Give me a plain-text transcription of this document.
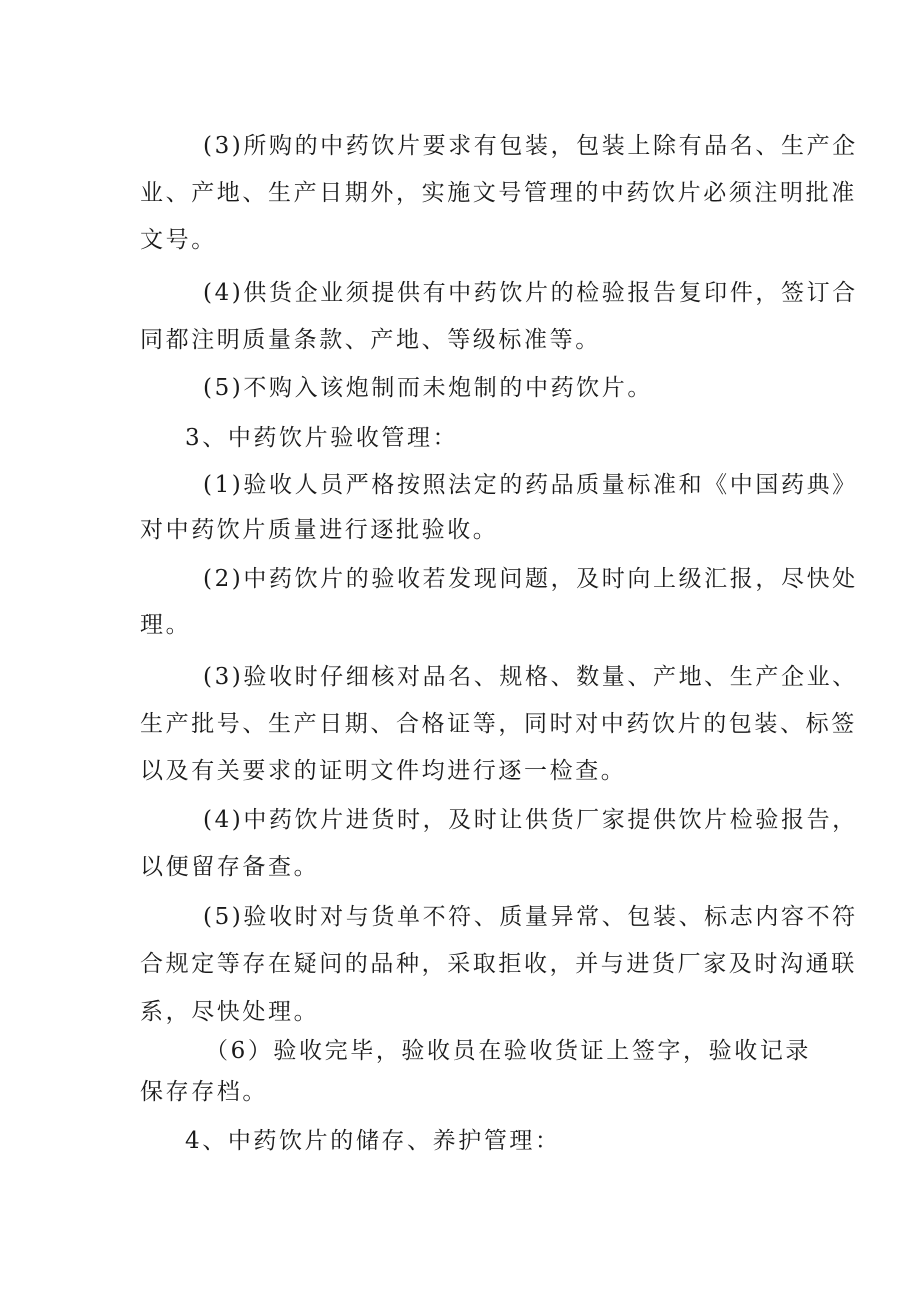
(3)所购的中药饮片要求有包装，包装上除有品名、生产企

业、产地、生产日期外，实施文号管理的中药饮片必须注明批准

文号。

(4)供货企业须提供有中药饮片的检验报告复印件，签订合

同都注明质量条款、产地、等级标准等。

(5)不购入该炮制而未炮制的中药饮片。

3、中药饮片验收管理：

(1)验收人员严格按照法定的药品质量标准和《中国药典》

对中药饮片质量进行逐批验收。

(2)中药饮片的验收若发现问题，及时向上级汇报，尽快处

理。

(3)验收时仔细核对品名、规格、数量、产地、生产企业、

生产批号、生产日期、合格证等，同时对中药饮片的包装、标签

以及有关要求的证明文件均进行逐一检查。

(4)中药饮片进货时，及时让供货厂家提供饮片检验报告，

以便留存备查。

(5)验收时对与货单不符、质量异常、包装、标志内容不符

合规定等存在疑问的品种，采取拒收，并与进货厂家及时沟通联

系，尽快处理。

（6）验收完毕，验收员在验收货证上签字，验收记录

保存存档。

4、中药饮片的储存、养护管理：
